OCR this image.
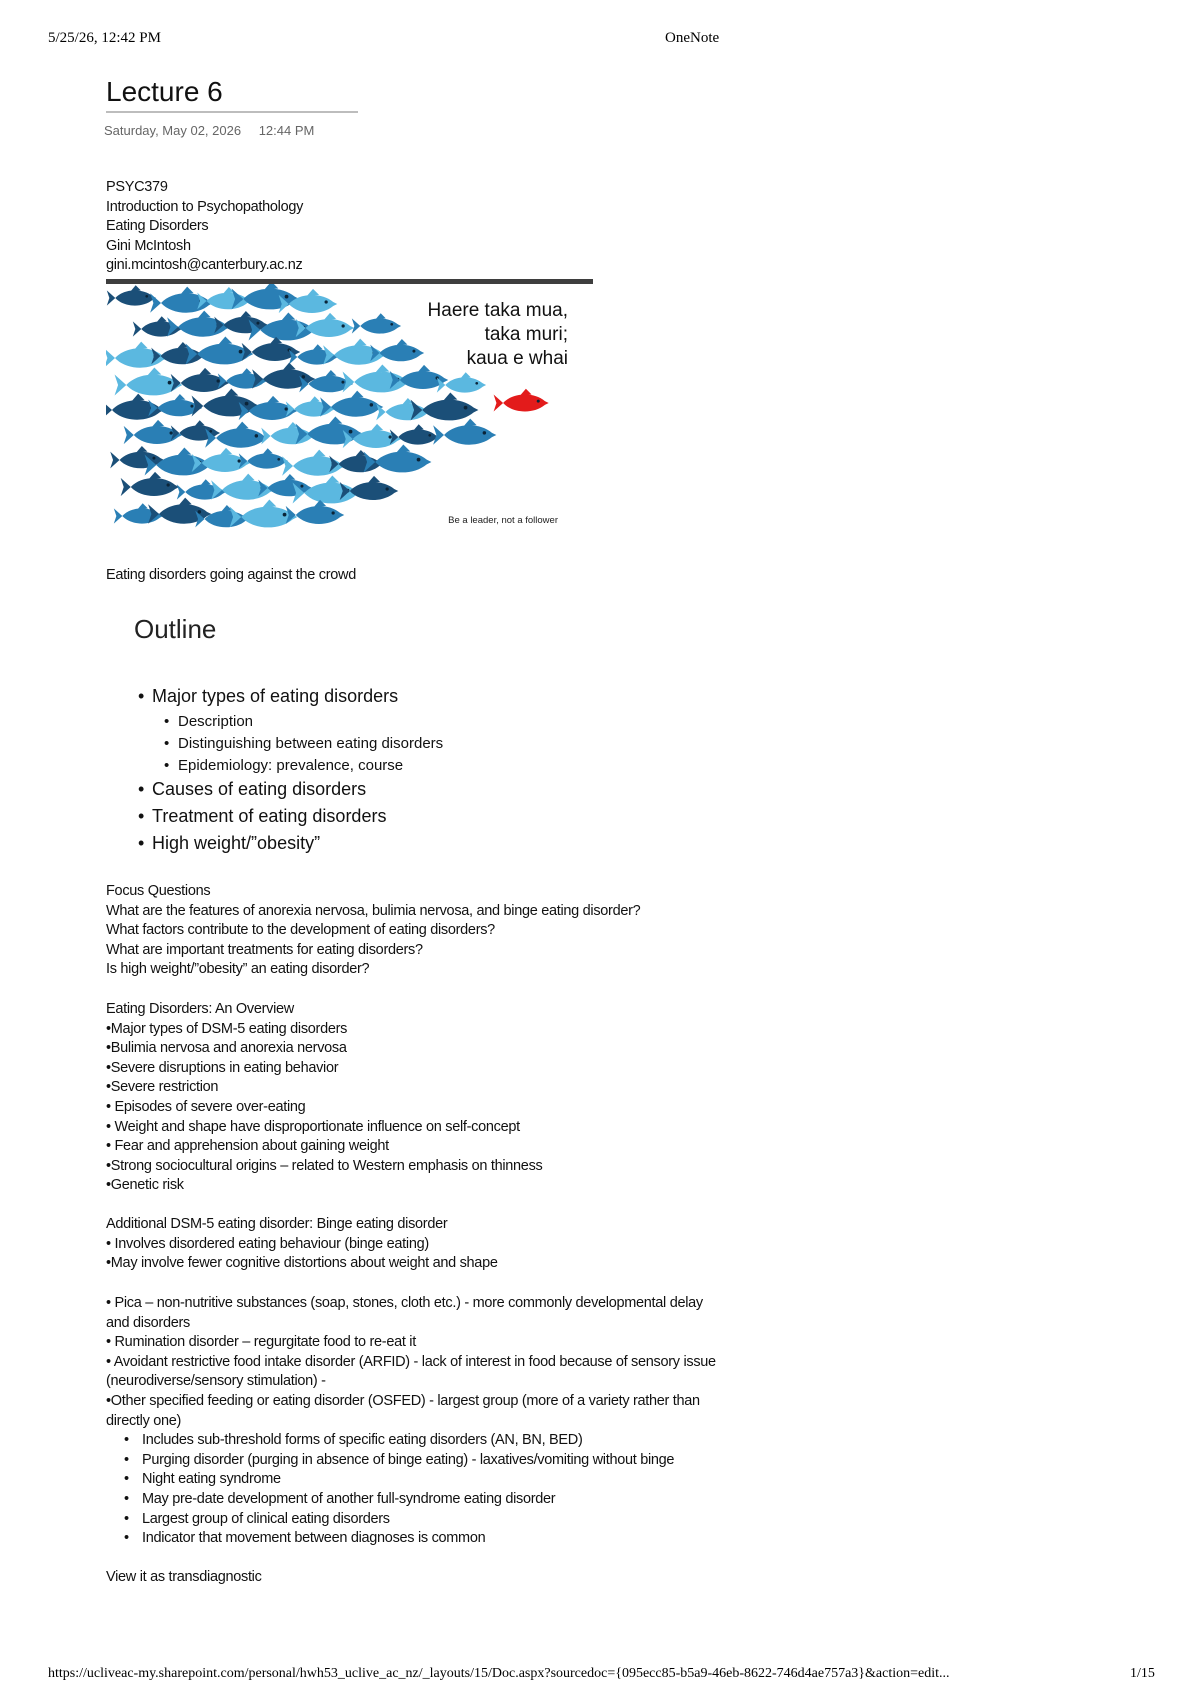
5/25/26, 12:42 PM	OneNote
Lecture 6
Saturday, May 02, 2026 12:44 PM

PSYC379

Introduction to Psychopathology

Eating Disorders

Gini McIntosh

gini.mcintosh@canterbury.ac.nz

Haere taka mua,
taka muri;
kaua e whai
Be a leader, not a follower

Eating disorders going against the crowd

Outline
• Major types of eating disorders
• Description
• Distinguishing between eating disorders
• Epidemiology: prevalence, course
• Causes of eating disorders
• Treatment of eating disorders
• High weight/”obesity”

Focus Questions

What are the features of anorexia nervosa, bulimia nervosa, and binge eating disorder?

What factors contribute to the development of eating disorders?

What are important treatments for eating disorders?

Is high weight/”obesity” an eating disorder?

Eating Disorders: An Overview

•Major types of DSM-5 eating disorders

•Bulimia nervosa and anorexia nervosa

•Severe disruptions in eating behavior

•Severe restriction

• Episodes of severe over-eating

• Weight and shape have disproportionate influence on self-concept

• Fear and apprehension about gaining weight

•Strong sociocultural origins – related to Western emphasis on thinness

•Genetic risk

Additional DSM-5 eating disorder: Binge eating disorder

• Involves disordered eating behaviour (binge eating)

•May involve fewer cognitive distortions about weight and shape

• Pica – non-nutritive substances (soap, stones, cloth etc.) - more commonly developmental delay and disorders

• Rumination disorder – regurgitate food to re-eat it

• Avoidant restrictive food intake disorder (ARFID) - lack of interest in food because of sensory issue (neurodiverse/sensory stimulation) -

•Other specified feeding or eating disorder (OSFED) - largest group (more of a variety rather than directly one)

• Includes sub-threshold forms of specific eating disorders (AN, BN, BED)
• Purging disorder (purging in absence of binge eating) - laxatives/vomiting without binge
• Night eating syndrome
• May pre-date development of another full-syndrome eating disorder
• Largest group of clinical eating disorders
• Indicator that movement between diagnoses is common

View it as transdiagnostic

https://ucliveac-my.sharepoint.com/personal/hwh53_uclive_ac_nz/_layouts/15/Doc.aspx?sourcedoc={095ecc85-b5a9-46eb-8622-746d4ae757a3}&action=edit...	1/15
